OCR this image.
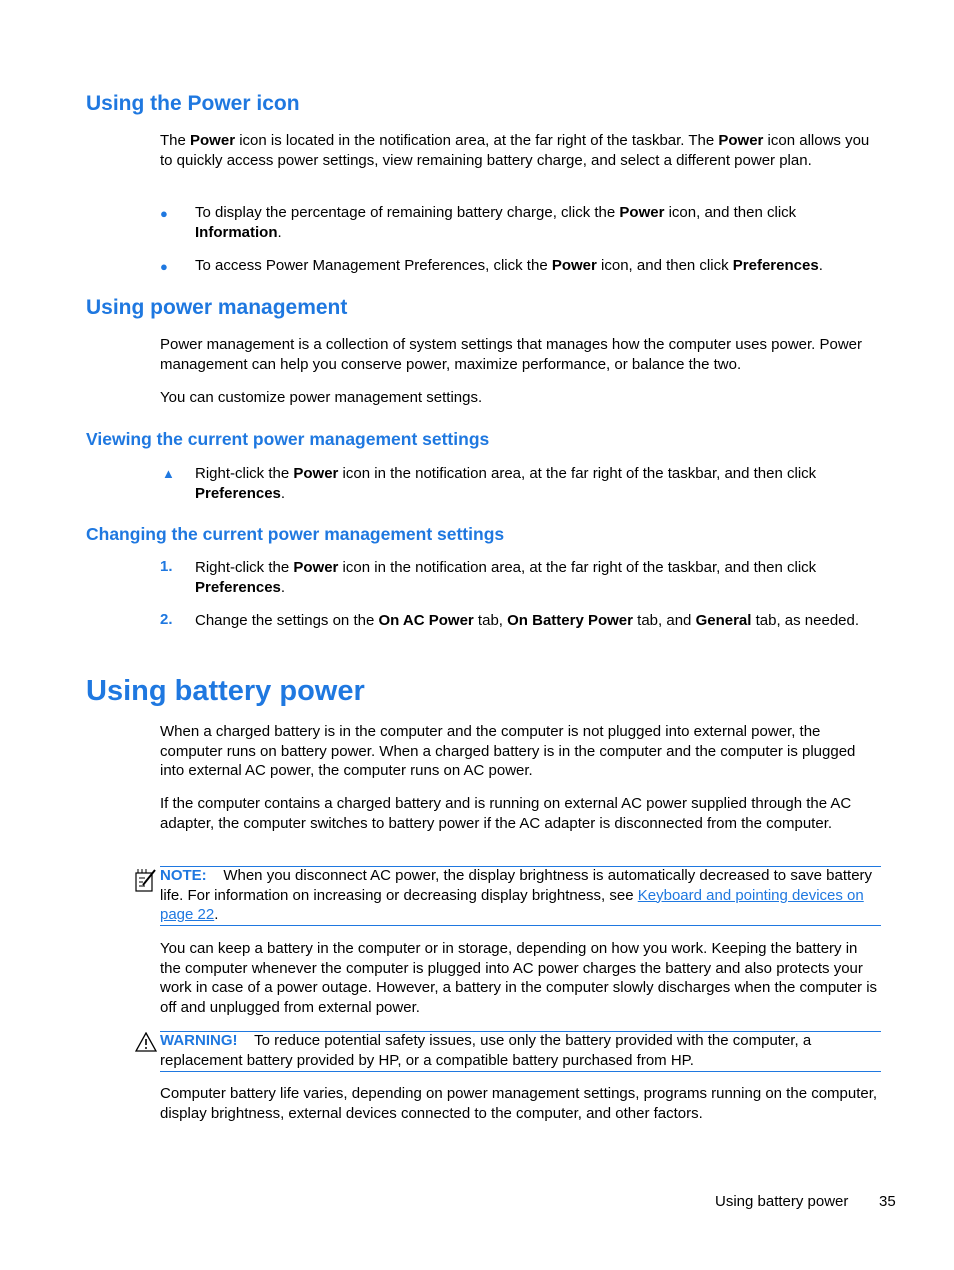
Using the Power icon

The Power icon is located in the notification area, at the far right of the taskbar. The Power icon allows you to quickly access power settings, view remaining battery charge, and select a different power plan.

● To display the percentage of remaining battery charge, click the Power icon, and then click Information.

● To access Power Management Preferences, click the Power icon, and then click Preferences.

Using power management

Power management is a collection of system settings that manages how the computer uses power. Power management can help you conserve power, maximize performance, or balance the two.

You can customize power management settings.

Viewing the current power management settings
▲ Right-click the Power icon in the notification area, at the far right of the taskbar, and then click Preferences.

Changing the current power management settings
1. Right-click the Power icon in the notification area, at the far right of the taskbar, and then click Preferences.

2. Change the settings on the On AC Power tab, On Battery Power tab, and General tab, as needed.

Using battery power

When a charged battery is in the computer and the computer is not plugged into external power, the computer runs on battery power. When a charged battery is in the computer and the computer is plugged into external AC power, the computer runs on AC power.

If the computer contains a charged battery and is running on external AC power supplied through the AC adapter, the computer switches to battery power if the AC adapter is disconnected from the computer.

NOTE: When you disconnect AC power, the display brightness is automatically decreased to save battery life. For information on increasing or decreasing display brightness, see Keyboard and pointing devices on page 22.

You can keep a battery in the computer or in storage, depending on how you work. Keeping the battery in the computer whenever the computer is plugged into AC power charges the battery and also protects your work in case of a power outage. However, a battery in the computer slowly discharges when the computer is off and unplugged from external power.

WARNING! To reduce potential safety issues, use only the battery provided with the computer, a replacement battery provided by HP, or a compatible battery purchased from HP.

Computer battery life varies, depending on power management settings, programs running on the computer, display brightness, external devices connected to the computer, and other factors.

Using battery power 35
